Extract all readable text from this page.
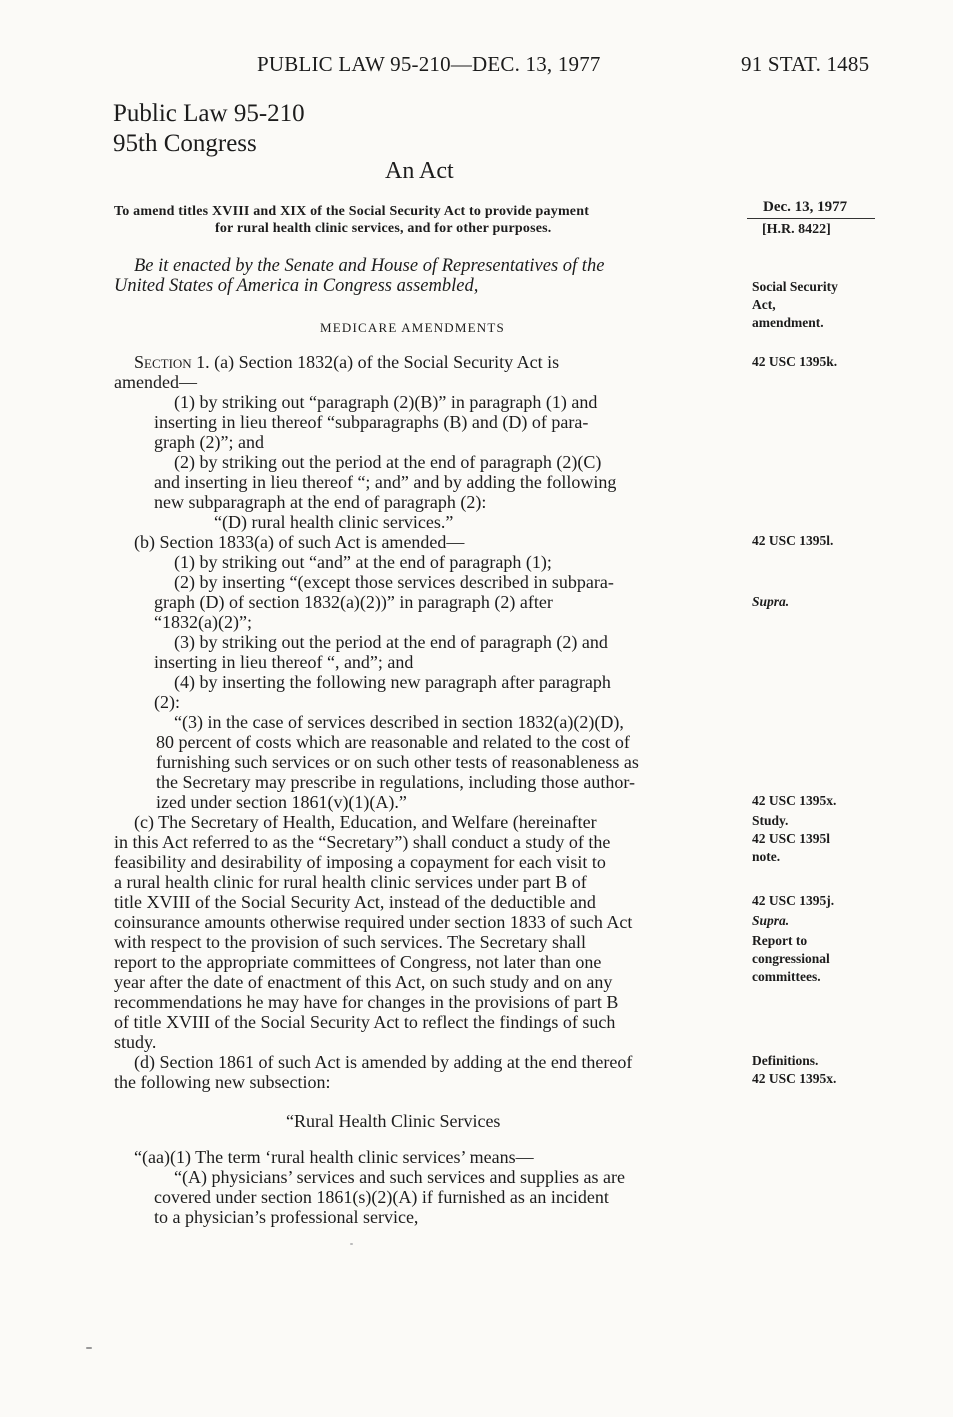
PUBLIC LAW 95-210—DEC. 13, 1977	91 STAT. 1485
Public Law 95-210
95th Congress
An Act
To amend titles XVIII and XIX of the Social Security Act to provide payment
for rural health clinic services, and for other purposes.
Dec. 13, 1977
[H.R. 8422]
Be it enacted by the Senate and House of Representatives of the
United States of America in Congress assembled,	Social Security
Act,
amendment.
MEDICARE AMENDMENTS
Section 1. (a) Section 1832(a) of the Social Security Act is
amended—
(1) by striking out “paragraph (2)(B)” in paragraph (1) and
inserting in lieu thereof “subparagraphs (B) and (D) of para-
graph (2)”; and
(2) by striking out the period at the end of paragraph (2)(C)
and inserting in lieu thereof “; and” and by adding the following
new subparagraph at the end of paragraph (2):
“(D) rural health clinic services.”
(b) Section 1833(a) of such Act is amended—
(1) by striking out “and” at the end of paragraph (1);
(2) by inserting “(except those services described in subpara-
graph (D) of section 1832(a)(2))” in paragraph (2) after
“1832(a)(2)”;
(3) by striking out the period at the end of paragraph (2) and
inserting in lieu thereof “, and”; and
(4) by inserting the following new paragraph after paragraph
(2):
“(3) in the case of services described in section 1832(a)(2)(D),
80 percent of costs which are reasonable and related to the cost of
furnishing such services or on such other tests of reasonableness as
the Secretary may prescribe in regulations, including those author-
ized under section 1861(v)(1)(A).”
(c) The Secretary of Health, Education, and Welfare (hereinafter
in this Act referred to as the “Secretary”) shall conduct a study of the
feasibility and desirability of imposing a copayment for each visit to
a rural health clinic for rural health clinic services under part B of
title XVIII of the Social Security Act, instead of the deductible and
coinsurance amounts otherwise required under section 1833 of such Act
with respect to the provision of such services. The Secretary shall
report to the appropriate committees of Congress, not later than one
year after the date of enactment of this Act, on such study and on any
recommendations he may have for changes in the provisions of part B
of title XVIII of the Social Security Act to reflect the findings of such
study.
(d) Section 1861 of such Act is amended by adding at the end thereof
the following new subsection:
“Rural Health Clinic Services
“(aa)(1) The term ‘rural health clinic services’ means—
“(A) physicians’ services and such services and supplies as are
covered under section 1861(s)(2)(A) if furnished as an incident
to a physician’s professional service,
42 USC 1395k.
42 USC 1395l.
Supra.
42 USC 1395x.
Study.
42 USC 1395l
note.
42 USC 1395j.
Supra.
Report to
congressional
committees.
Definitions.
42 USC 1395x.
